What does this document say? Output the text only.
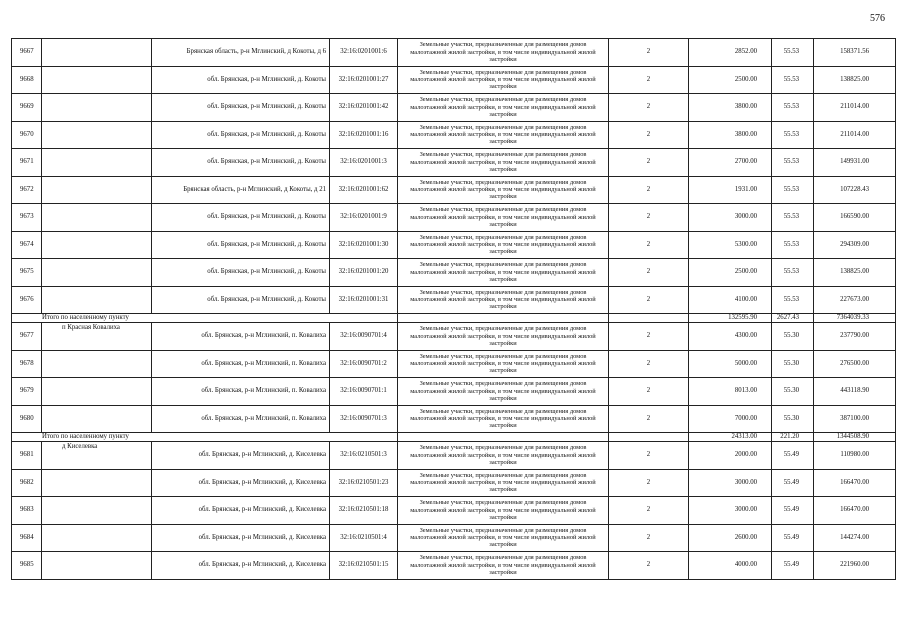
576
9667		Брянская область, р-н Мглинский, д Кокоты, д 6	32:16:0201001:6	Земельные участки, предназначенные для размещения домов малоэтажной жилой застройки, в том числе индивидуальной жилой застройки	2	2852.00	55.53	158371.56
9668		обл. Брянская, р-н Мглинский, д. Кокоты	32:16:0201001:27	Земельные участки, предназначенные для размещения домов малоэтажной жилой застройки, в том числе индивидуальной жилой застройки	2	2500.00	55.53	138825.00
9669		обл. Брянская, р-н Мглинский, д. Кокоты	32:16:0201001:42	Земельные участки, предназначенные для размещения домов малоэтажной жилой застройки, в том числе индивидуальной жилой застройки	2	3800.00	55.53	211014.00
9670		обл. Брянская, р-н Мглинский, д. Кокоты	32:16:0201001:16	Земельные участки, предназначенные для размещения домов малоэтажной жилой застройки, в том числе индивидуальной жилой застройки	2	3800.00	55.53	211014.00
9671		обл. Брянская, р-н Мглинский, д. Кокоты	32:16:0201001:3	Земельные участки, предназначенные для размещения домов малоэтажной жилой застройки, в том числе индивидуальной жилой застройки	2	2700.00	55.53	149931.00
9672		Брянская область, р-н Мглинский, д Кокоты, д 21	32:16:0201001:62	Земельные участки, предназначенные для размещения домов малоэтажной жилой застройки, в том числе индивидуальной жилой застройки	2	1931.00	55.53	107228.43
9673		обл. Брянская, р-н Мглинский, д. Кокоты	32:16:0201001:9	Земельные участки, предназначенные для размещения домов малоэтажной жилой застройки, в том числе индивидуальной жилой застройки	2	3000.00	55.53	166590.00
9674		обл. Брянская, р-н Мглинский, д. Кокоты	32:16:0201001:30	Земельные участки, предназначенные для размещения домов малоэтажной жилой застройки, в том числе индивидуальной жилой застройки	2	5300.00	55.53	294309.00
9675		обл. Брянская, р-н Мглинский, д. Кокоты	32:16:0201001:20	Земельные участки, предназначенные для размещения домов малоэтажной жилой застройки, в том числе индивидуальной жилой застройки	2	2500.00	55.53	138825.00
9676		обл. Брянская, р-н Мглинский, д. Кокоты	32:16:0201001:31	Земельные участки, предназначенные для размещения домов малоэтажной жилой застройки, в том числе индивидуальной жилой застройки	2	4100.00	55.53	227673.00
Итого по населенному пункту						132595.90	2627.43	7364039.33
9677	п Красная Ковалиха	обл. Брянская, р-н Мглинский, п. Ковалиха	32:16:0090701:4	Земельные участки, предназначенные для размещения домов малоэтажной жилой застройки, в том числе индивидуальной жилой застройки	2	4300.00	55.30	237790.00
9678		обл. Брянская, р-н Мглинский, п. Ковалиха	32:16:0090701:2	Земельные участки, предназначенные для размещения домов малоэтажной жилой застройки, в том числе индивидуальной жилой застройки	2	5000.00	55.30	276500.00
9679		обл. Брянская, р-н Мглинский, п. Ковалиха	32:16:0090701:1	Земельные участки, предназначенные для размещения домов малоэтажной жилой застройки, в том числе индивидуальной жилой застройки	2	8013.00	55.30	443118.90
9680		обл. Брянская, р-н Мглинский, п. Ковалиха	32:16:0090701:3	Земельные участки, предназначенные для размещения домов малоэтажной жилой застройки, в том числе индивидуальной жилой застройки	2	7000.00	55.30	387100.00
Итого по населенному пункту						24313.00	221.20	1344508.90
9681	д Киселевка	обл. Брянская, р-н Мглинский, д. Киселевка	32:16:0210501:3	Земельные участки, предназначенные для размещения домов малоэтажной жилой застройки, в том числе индивидуальной жилой застройки	2	2000.00	55.49	110980.00
9682		обл. Брянская, р-н Мглинский, д. Киселевка	32:16:0210501:23	Земельные участки, предназначенные для размещения домов малоэтажной жилой застройки, в том числе индивидуальной жилой застройки	2	3000.00	55.49	166470.00
9683		обл. Брянская, р-н Мглинский, д. Киселевка	32:16:0210501:18	Земельные участки, предназначенные для размещения домов малоэтажной жилой застройки, в том числе индивидуальной жилой застройки	2	3000.00	55.49	166470.00
9684		обл. Брянская, р-н Мглинский, д. Киселевка	32:16:0210501:4	Земельные участки, предназначенные для размещения домов малоэтажной жилой застройки, в том числе индивидуальной жилой застройки	2	2600.00	55.49	144274.00
9685		обл. Брянская, р-н Мглинский, д. Киселевка	32:16:0210501:15	Земельные участки, предназначенные для размещения домов малоэтажной жилой застройки, в том числе индивидуальной жилой застройки	2	4000.00	55.49	221960.00
